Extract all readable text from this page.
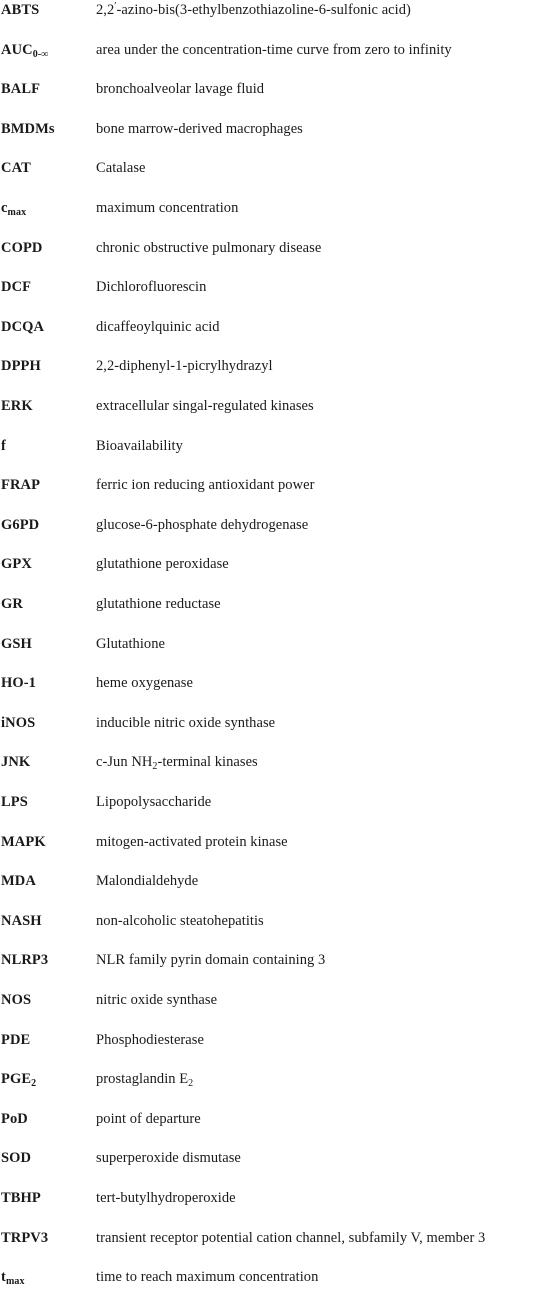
ABTS	2,2′-azino-bis(3-ethylbenzothiazoline-6-sulfonic acid)
$AUC_{0-\infty}$	area under the concentration-time curve from zero to infinity
BALF	bronchoalveolar lavage fluid
BMDMs	bone marrow-derived macrophages
CAT	Catalase
$c_{max}$	maximum concentration
COPD	chronic obstructive pulmonary disease
DCF	Dichlorofluorescin
DCQA	dicaffeoylquinic acid
DPPH	2,2-diphenyl-1-picrylhydrazyl
ERK	extracellular singal-regulated kinases
f	Bioavailability
FRAP	ferric ion reducing antioxidant power
G6PD	glucose-6-phosphate dehydrogenase
GPX	glutathione peroxidase
GR	glutathione reductase
GSH	Glutathione
HO-1	heme oxygenase
iNOS	inducible nitric oxide synthase
JNK	c-Jun $NH_2$-terminal kinases
LPS	Lipopolysaccharide
MAPK	mitogen-activated protein kinase
MDA	Malondialdehyde
NASH	non-alcoholic steatohepatitis
NLRP3	NLR family pyrin domain containing 3
NOS	nitric oxide synthase
PDE	Phosphodiesterase
$PGE_2$	prostaglandin $E_2$
PoD	point of departure
SOD	superperoxide dismutase
TBHP	tert-butylhydroperoxide
TRPV3	transient receptor potential cation channel, subfamily V, member 3
$t_{max}$	time to reach maximum concentration
